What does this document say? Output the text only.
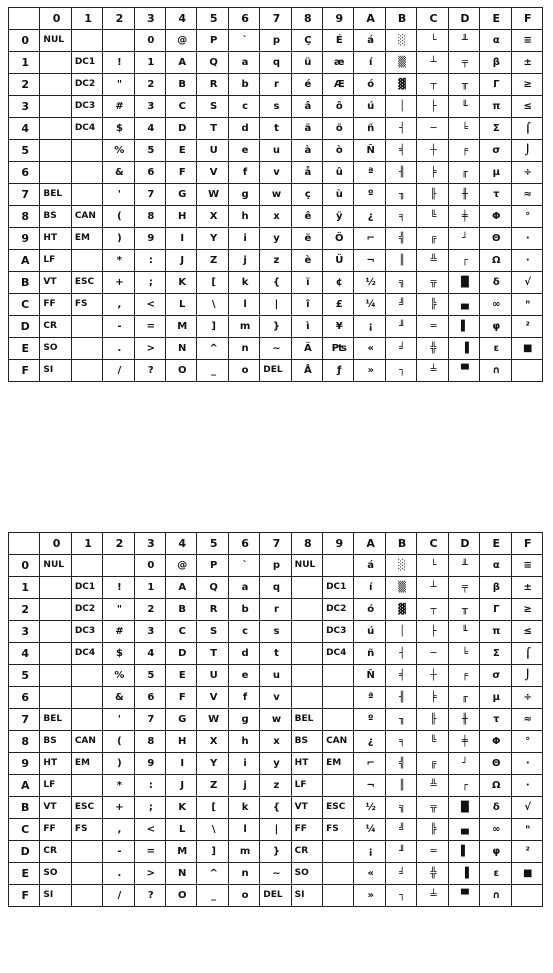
	0	1	2	3	4	5	6	7	8	9	A	B	C	D	E	F
0	NUL			0	@	P	`	p	Ç	É	á	░	└	╨	α	≡
1		DC1	!	1	A	Q	a	q	ü	æ	í	▒	┴	╤	β	±
2		DC2	"	2	B	R	b	r	é	Æ	ó	▓	┬	╥	Γ	≥
3		DC3	#	3	C	S	c	s	â	ô	ú	│	├	╙	π	≤
4		DC4	$	4	D	T	d	t	ä	ö	ñ	┤	─	╘	Σ	⌠
5			%	5	E	U	e	u	à	ò	Ñ	╡	┼	╒	σ	⌡
6			&	6	F	V	f	v	å	û	ª	╢	╞	╓	µ	÷
7	BEL		'	7	G	W	g	w	ç	ù	º	╖	╟	╫	τ	≈
8	BS	CAN	(	8	H	X	h	x	ê	ÿ	¿	╕	╚	╪	Φ	°
9	HT	EM	)	9	I	Y	i	y	ë	Ö	⌐	╣	╔	┘	Θ	∙
A	LF		*	:	J	Z	j	z	è	Ü	¬	║	╩	┌	Ω	·
B	VT	ESC	+	;	K	[	k	{	ï	¢	½	╗	╦	█	δ	√
C	FF	FS	,	<	L	\	l	|	î	£	¼	╝	╠	▄	∞	ⁿ
D	CR		-	=	M	]	m	}	ì	¥	¡	╜	═	▌	φ	²
E	SO		.	>	N	^	n	~	Ä	₧	«	╛	╬	▐	ε	■
F	SI		/	?	O	_	o	DEL	Å	ƒ	»	┐	╧	▀	∩	
	0	1	2	3	4	5	6	7	8	9	A	B	C	D	E	F
0	NUL			0	@	P	`	p	NUL		á	░	└	╨	α	≡
1		DC1	!	1	A	Q	a	q		DC1	í	▒	┴	╤	β	±
2		DC2	"	2	B	R	b	r		DC2	ó	▓	┬	╥	Γ	≥
3		DC3	#	3	C	S	c	s		DC3	ú	│	├	╙	π	≤
4		DC4	$	4	D	T	d	t		DC4	ñ	┤	─	╘	Σ	⌠
5			%	5	E	U	e	u			Ñ	╡	┼	╒	σ	⌡
6			&	6	F	V	f	v			ª	╢	╞	╓	µ	÷
7	BEL		'	7	G	W	g	w	BEL		º	╖	╟	╫	τ	≈
8	BS	CAN	(	8	H	X	h	x	BS	CAN	¿	╕	╚	╪	Φ	°
9	HT	EM	)	9	I	Y	i	y	HT	EM	⌐	╣	╔	┘	Θ	∙
A	LF		*	:	J	Z	j	z	LF		¬	║	╩	┌	Ω	·
B	VT	ESC	+	;	K	[	k	{	VT	ESC	½	╗	╦	█	δ	√
C	FF	FS	,	<	L	\	l	|	FF	FS	¼	╝	╠	▄	∞	ⁿ
D	CR		-	=	M	]	m	}	CR		¡	╜	═	▌	φ	²
E	SO		.	>	N	^	n	~	SO		«	╛	╬	▐	ε	■
F	SI		/	?	O	_	o	DEL	SI		»	┐	╧	▀	∩	
